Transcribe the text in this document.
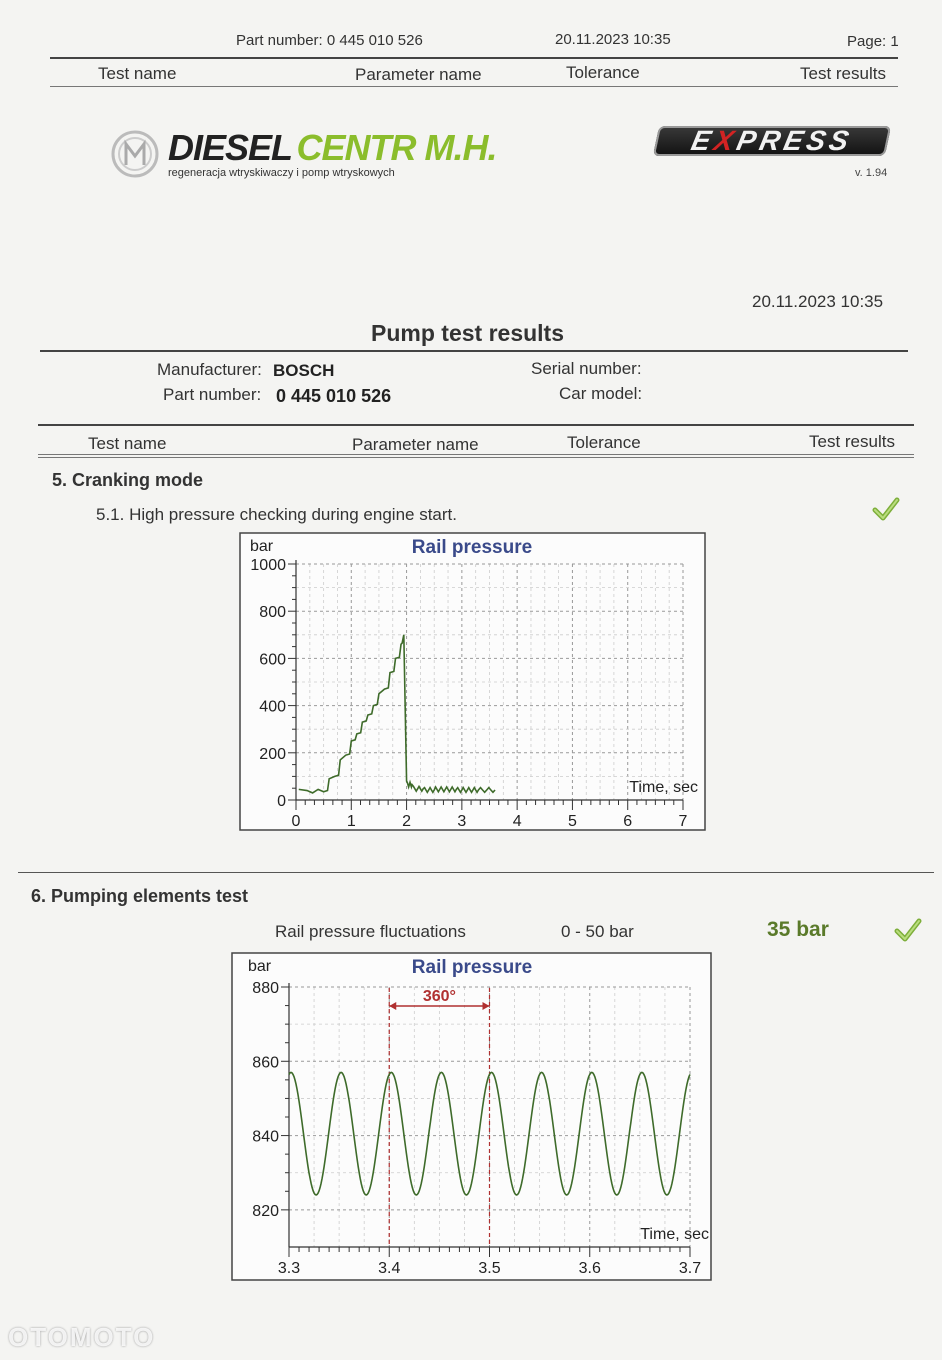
Part number: 0 445 010 526	20.11.2023 10:35	Page: 1
Test name	Parameter name	Tolerance	Test results
DIESEL CENTR M.H.
regeneracja wtryskiwaczy i pomp wtryskowych
EXPRESS
v. 1.94
20.11.2023 10:35
Pump test results
Manufacturer: BOSCH
Part number: 0 445 010 526
Serial number:
Car model:
Test name	Parameter name	Tolerance	Test results
5. Cranking mode
5.1. High pressure checking during engine start.
0	1	2	3	4	5	6	7
0
200
400
600
800
1000
bar	Rail pressure
Time, sec
6. Pumping elements test
Rail pressure fluctuations	0 - 50 bar	35 bar
3.3	3.4	3.5	3.6	3.7
820
840
860
880
bar	Rail pressure
Time, sec
360°
OTOMOTO
